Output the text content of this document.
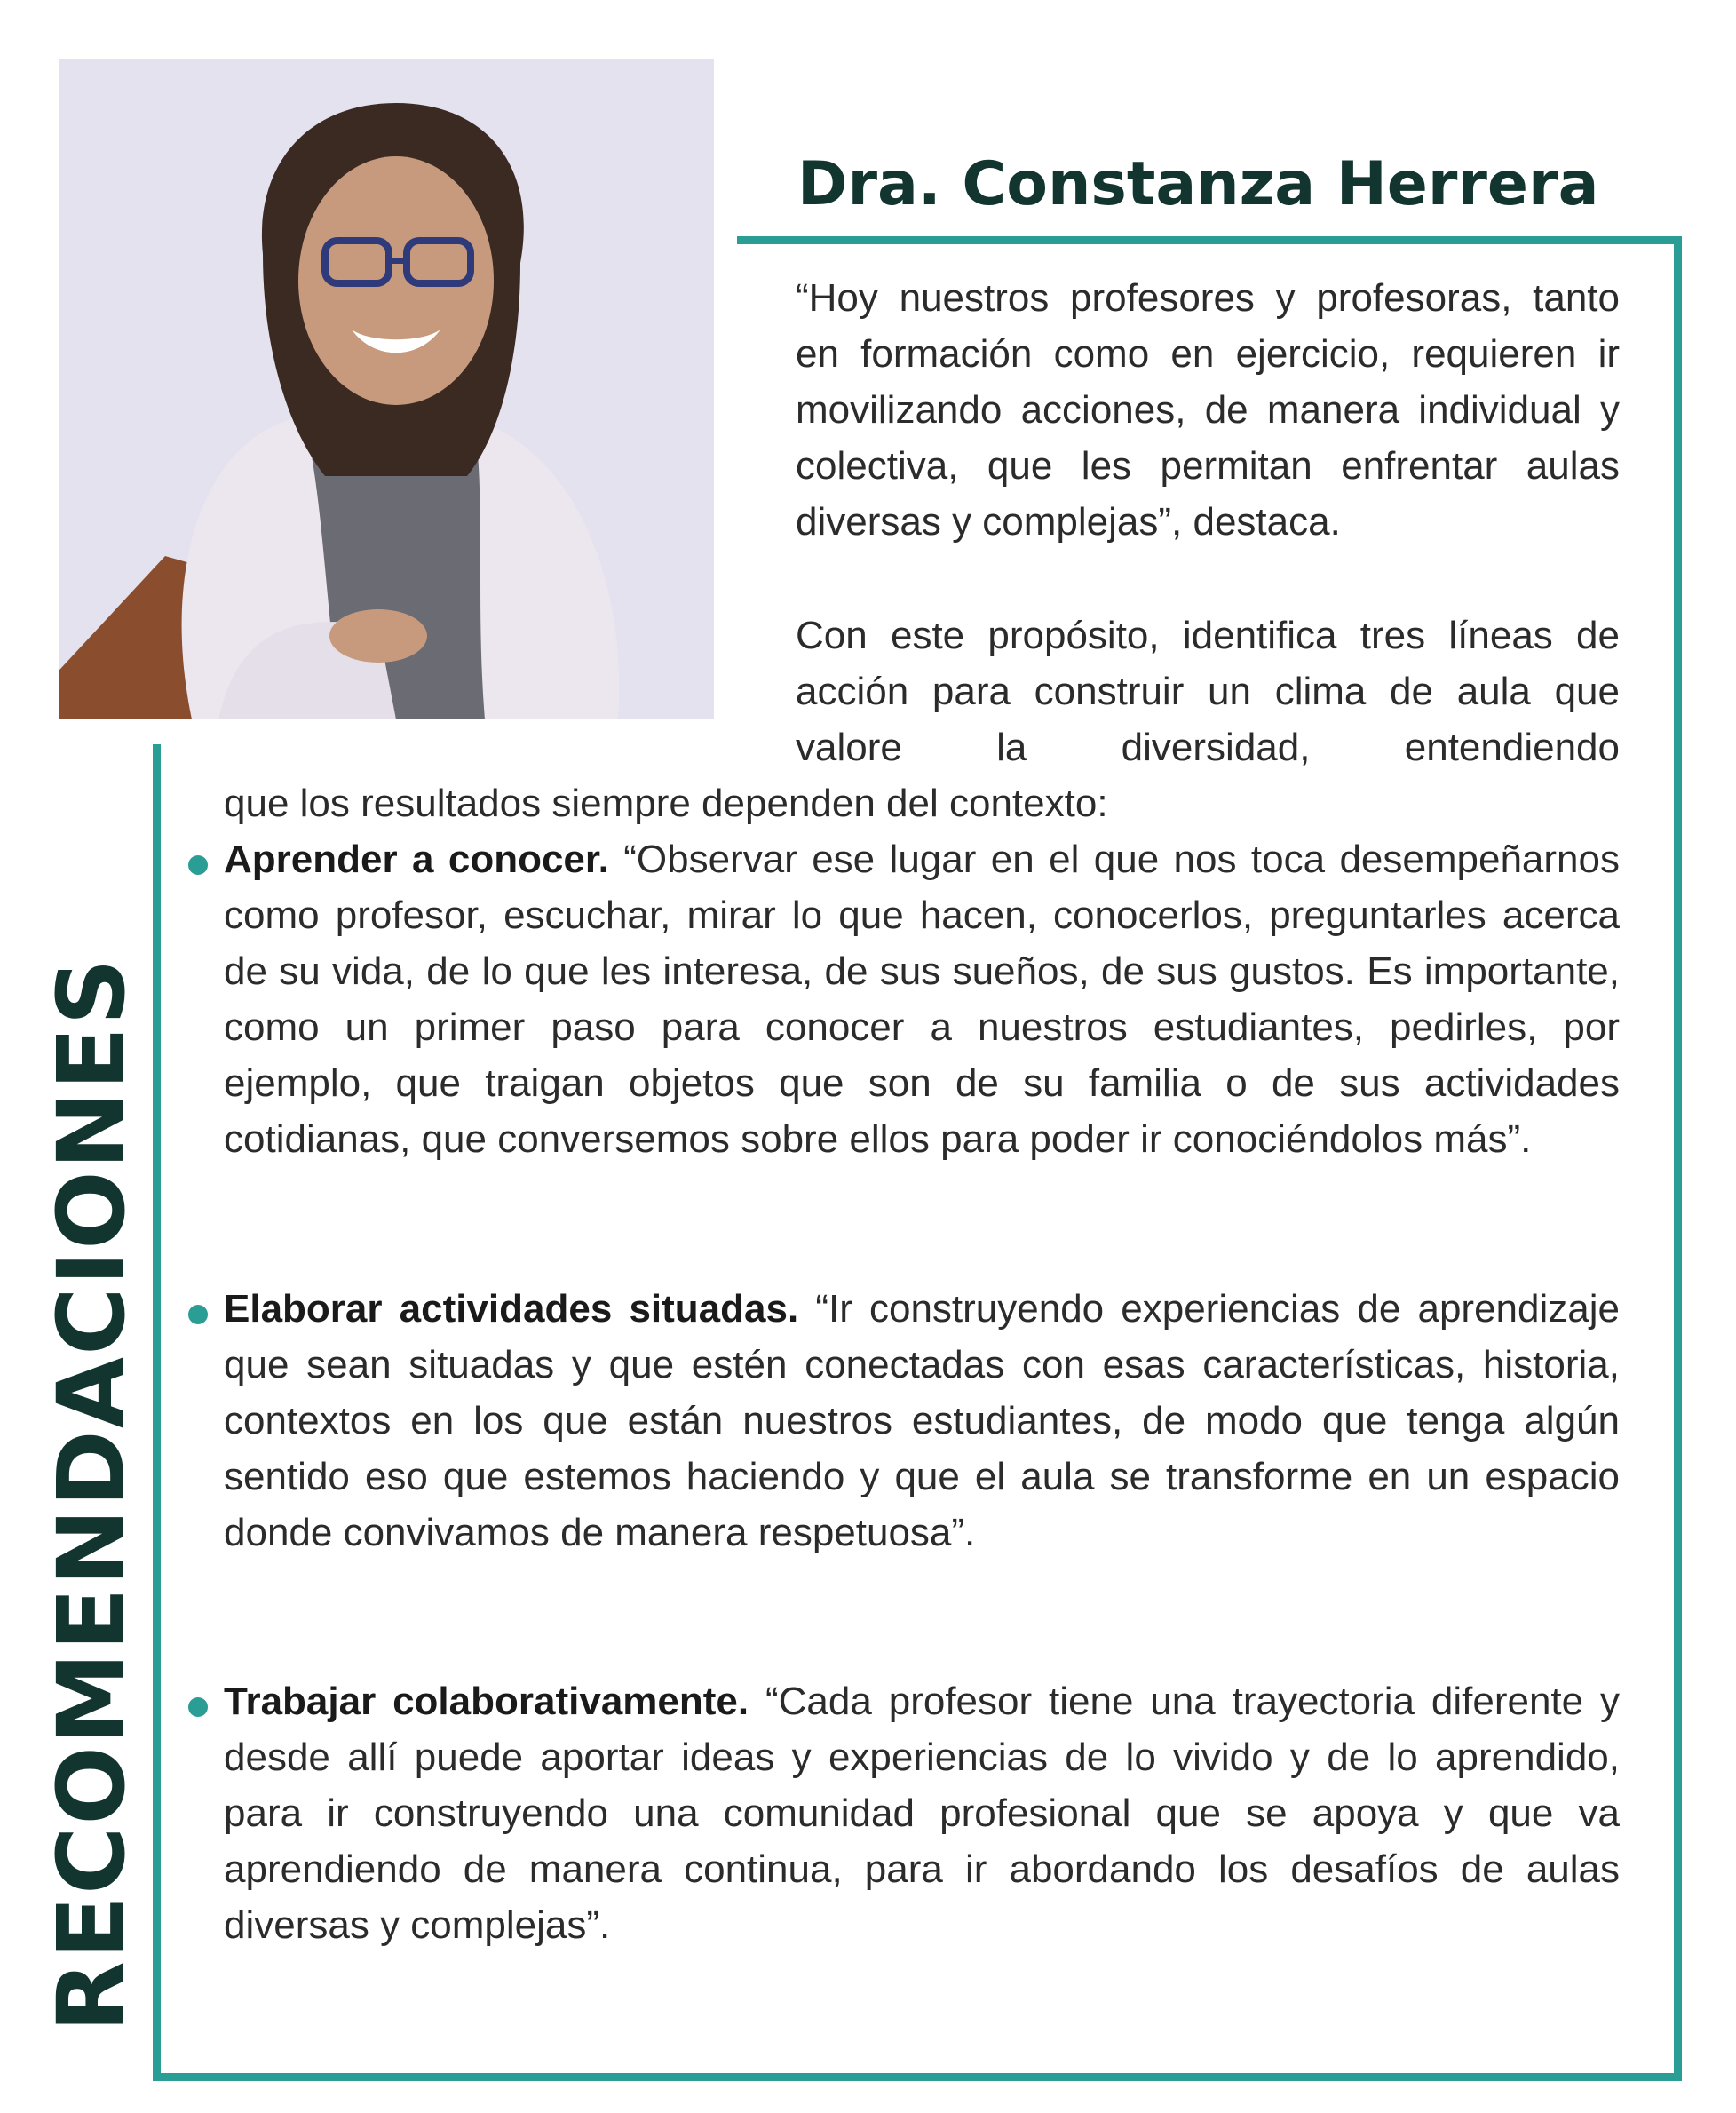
Dra. Constanza Herrera
RECOMENDACIONES
“Hoy nuestros profesores y profesoras, tanto en formación como en ejercicio, requieren ir movilizando acciones, de manera individual y colectiva, que les permitan enfrentar aulas diversas y complejas”, destaca.
Con este propósito, identifica tres líneas de acción para construir un clima de aula que valore la diversidad, entendiendo
que los resultados siempre dependen del contexto:
Aprender a conocer. “Observar ese lugar en el que nos toca desempeñarnos como profesor, escuchar, mirar lo que hacen, conocerlos, preguntarles acerca de su vida, de lo que les interesa, de sus sueños, de sus gustos. Es importante, como un primer paso para conocer a nuestros estudiantes, pedirles, por ejemplo, que traigan objetos que son de su familia o de sus actividades cotidianas, que conversemos sobre ellos para poder ir conociéndolos más”.
Elaborar actividades situadas. “Ir construyendo experiencias de aprendizaje que sean situadas y que estén conectadas con esas características, historia, contextos en los que están nuestros estudiantes, de modo que tenga algún sentido eso que estemos haciendo y que el aula se transforme en un espacio donde convivamos de manera respetuosa”.
Trabajar colaborativamente. “Cada profesor tiene una trayectoria diferente y desde allí puede aportar ideas y experiencias de lo vivido y de lo aprendido, para ir construyendo una comunidad profesional que se apoya y que va aprendiendo de manera continua, para ir abordando los desafíos de aulas diversas y complejas”.
